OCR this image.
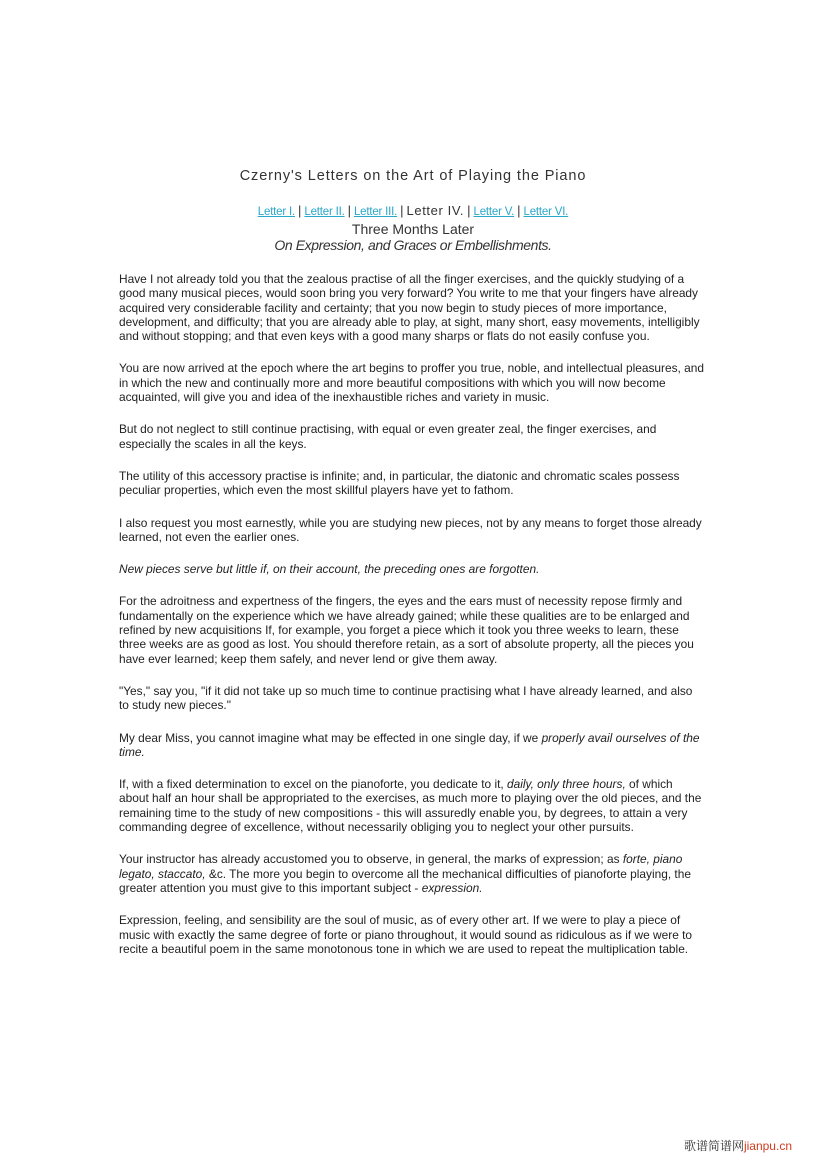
Czerny's Letters on the Art of Playing the Piano
Letter I. | Letter II. | Letter III. | Letter IV. | Letter V. | Letter VI.
Three Months Later
On Expression, and Graces or Embellishments.

Have I not already told you that the zealous practise of all the finger exercises, and the quickly studying of a good many musical pieces, would soon bring you very forward? You write to me that your fingers have already acquired very considerable facility and certainty; that you now begin to study pieces of more importance, development, and difficulty; that you are already able to play, at sight, many short, easy movements, intelligibly and without stopping; and that even keys with a good many sharps or flats do not easily confuse you.

You are now arrived at the epoch where the art begins to proffer you true, noble, and intellectual pleasures, and in which the new and continually more and more beautiful compositions with which you will now become acquainted, will give you and idea of the inexhaustible riches and variety in music.

But do not neglect to still continue practising, with equal or even greater zeal, the finger exercises, and especially the scales in all the keys.

The utility of this accessory practise is infinite; and, in particular, the diatonic and chromatic scales possess peculiar properties, which even the most skillful players have yet to fathom.

I also request you most earnestly, while you are studying new pieces, not by any means to forget those already learned, not even the earlier ones.

New pieces serve but little if, on their account, the preceding ones are forgotten.

For the adroitness and expertness of the fingers, the eyes and the ears must of necessity repose firmly and fundamentally on the experience which we have already gained; while these qualities are to be enlarged and refined by new acquisitions If, for example, you forget a piece which it took you three weeks to learn, these three weeks are as good as lost. You should therefore retain, as a sort of absolute property, all the pieces you have ever learned; keep them safely, and never lend or give them away.

"Yes," say you, "if it did not take up so much time to continue practising what I have already learned, and also to study new pieces."

My dear Miss, you cannot imagine what may be effected in one single day, if we properly avail ourselves of the time.

If, with a fixed determination to excel on the pianoforte, you dedicate to it, daily, only three hours, of which about half an hour shall be appropriated to the exercises, as much more to playing over the old pieces, and the remaining time to the study of new compositions - this will assuredly enable you, by degrees, to attain a very commanding degree of excellence, without necessarily obliging you to neglect your other pursuits.

Your instructor has already accustomed you to observe, in general, the marks of expression; as forte, piano legato, staccato, &c. The more you begin to overcome all the mechanical difficulties of pianoforte playing, the greater attention you must give to this important subject - expression.

Expression, feeling, and sensibility are the soul of music, as of every other art. If we were to play a piece of music with exactly the same degree of forte or piano throughout, it would sound as ridiculous as if we were to recite a beautiful poem in the same monotonous tone in which we are used to repeat the multiplication table.

歌谱简谱网jianpu.cn
